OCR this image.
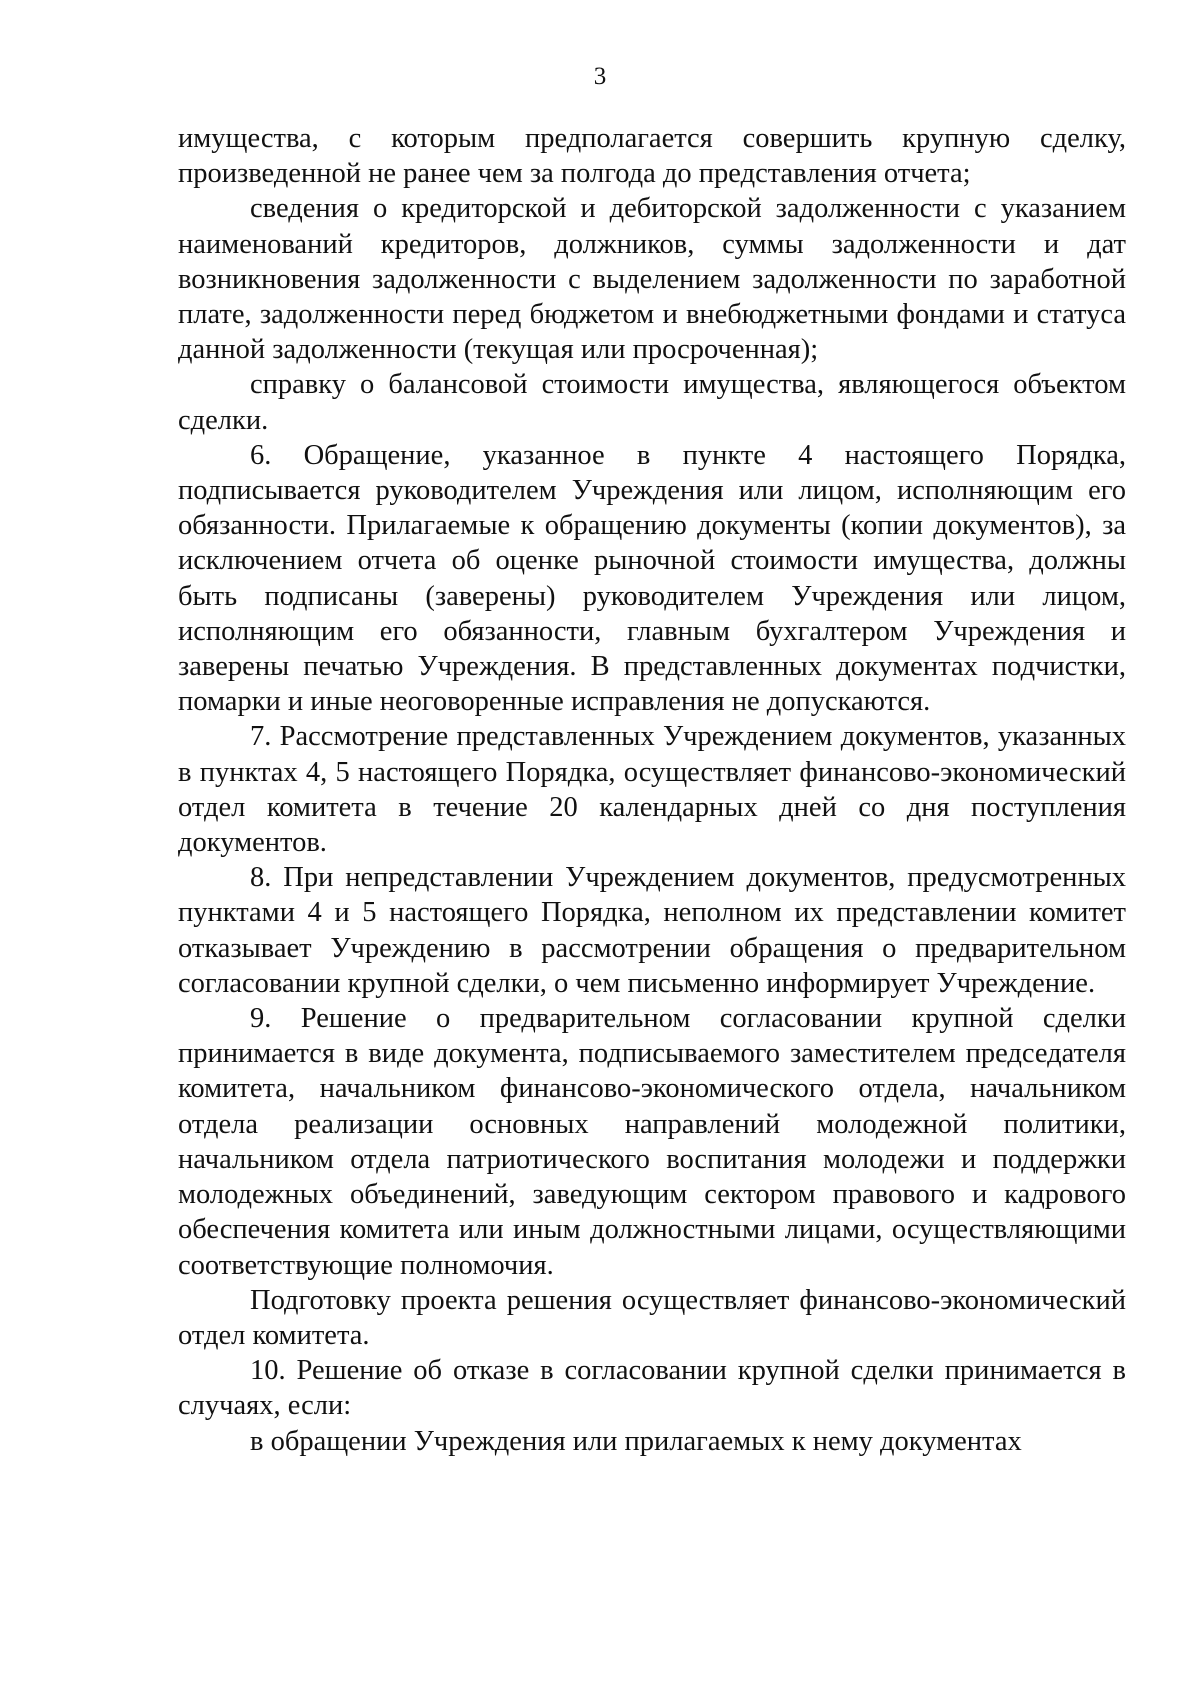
3

имущества, с которым предполагается совершить крупную сделку, произведенной не ранее чем за полгода до представления отчета;

сведения о кредиторской и дебиторской задолженности с указанием наименований кредиторов, должников, суммы задолженности и дат возникновения задолженности с выделением задолженности по заработной плате, задолженности перед бюджетом и внебюджетными фондами и статуса данной задолженности (текущая или просроченная);

справку о балансовой стоимости имущества, являющегося объектом сделки.

6. Обращение, указанное в пункте 4 настоящего Порядка, подписывается руководителем Учреждения или лицом, исполняющим его обязанности. Прилагаемые к обращению документы (копии документов), за исключением отчета об оценке рыночной стоимости имущества, должны быть подписаны (заверены) руководителем Учреждения или лицом, исполняющим его обязанности, главным бухгалтером Учреждения и заверены печатью Учреждения. В представленных документах подчистки, помарки и иные неоговоренные исправления не допускаются.

7. Рассмотрение представленных Учреждением документов, указанных в пунктах 4, 5 настоящего Порядка, осуществляет финансово-экономический отдел комитета в течение 20 календарных дней со дня поступления документов.

8. При непредставлении Учреждением документов, предусмотренных пунктами 4 и 5 настоящего Порядка, неполном их представлении комитет отказывает Учреждению в рассмотрении обращения о предварительном согласовании крупной сделки, о чем письменно информирует Учреждение.

9. Решение о предварительном согласовании крупной сделки принимается в виде документа, подписываемого заместителем председателя комитета, начальником финансово-экономического отдела, начальником отдела реализации основных направлений молодежной политики, начальником отдела патриотического воспитания молодежи и поддержки молодежных объединений, заведующим сектором правового и кадрового обеспечения комитета или иным должностными лицами, осуществляющими соответствующие полномочия.

Подготовку проекта решения осуществляет финансово-экономический отдел комитета.

10. Решение об отказе в согласовании крупной сделки принимается в случаях, если:

в обращении Учреждения или прилагаемых к нему документах
